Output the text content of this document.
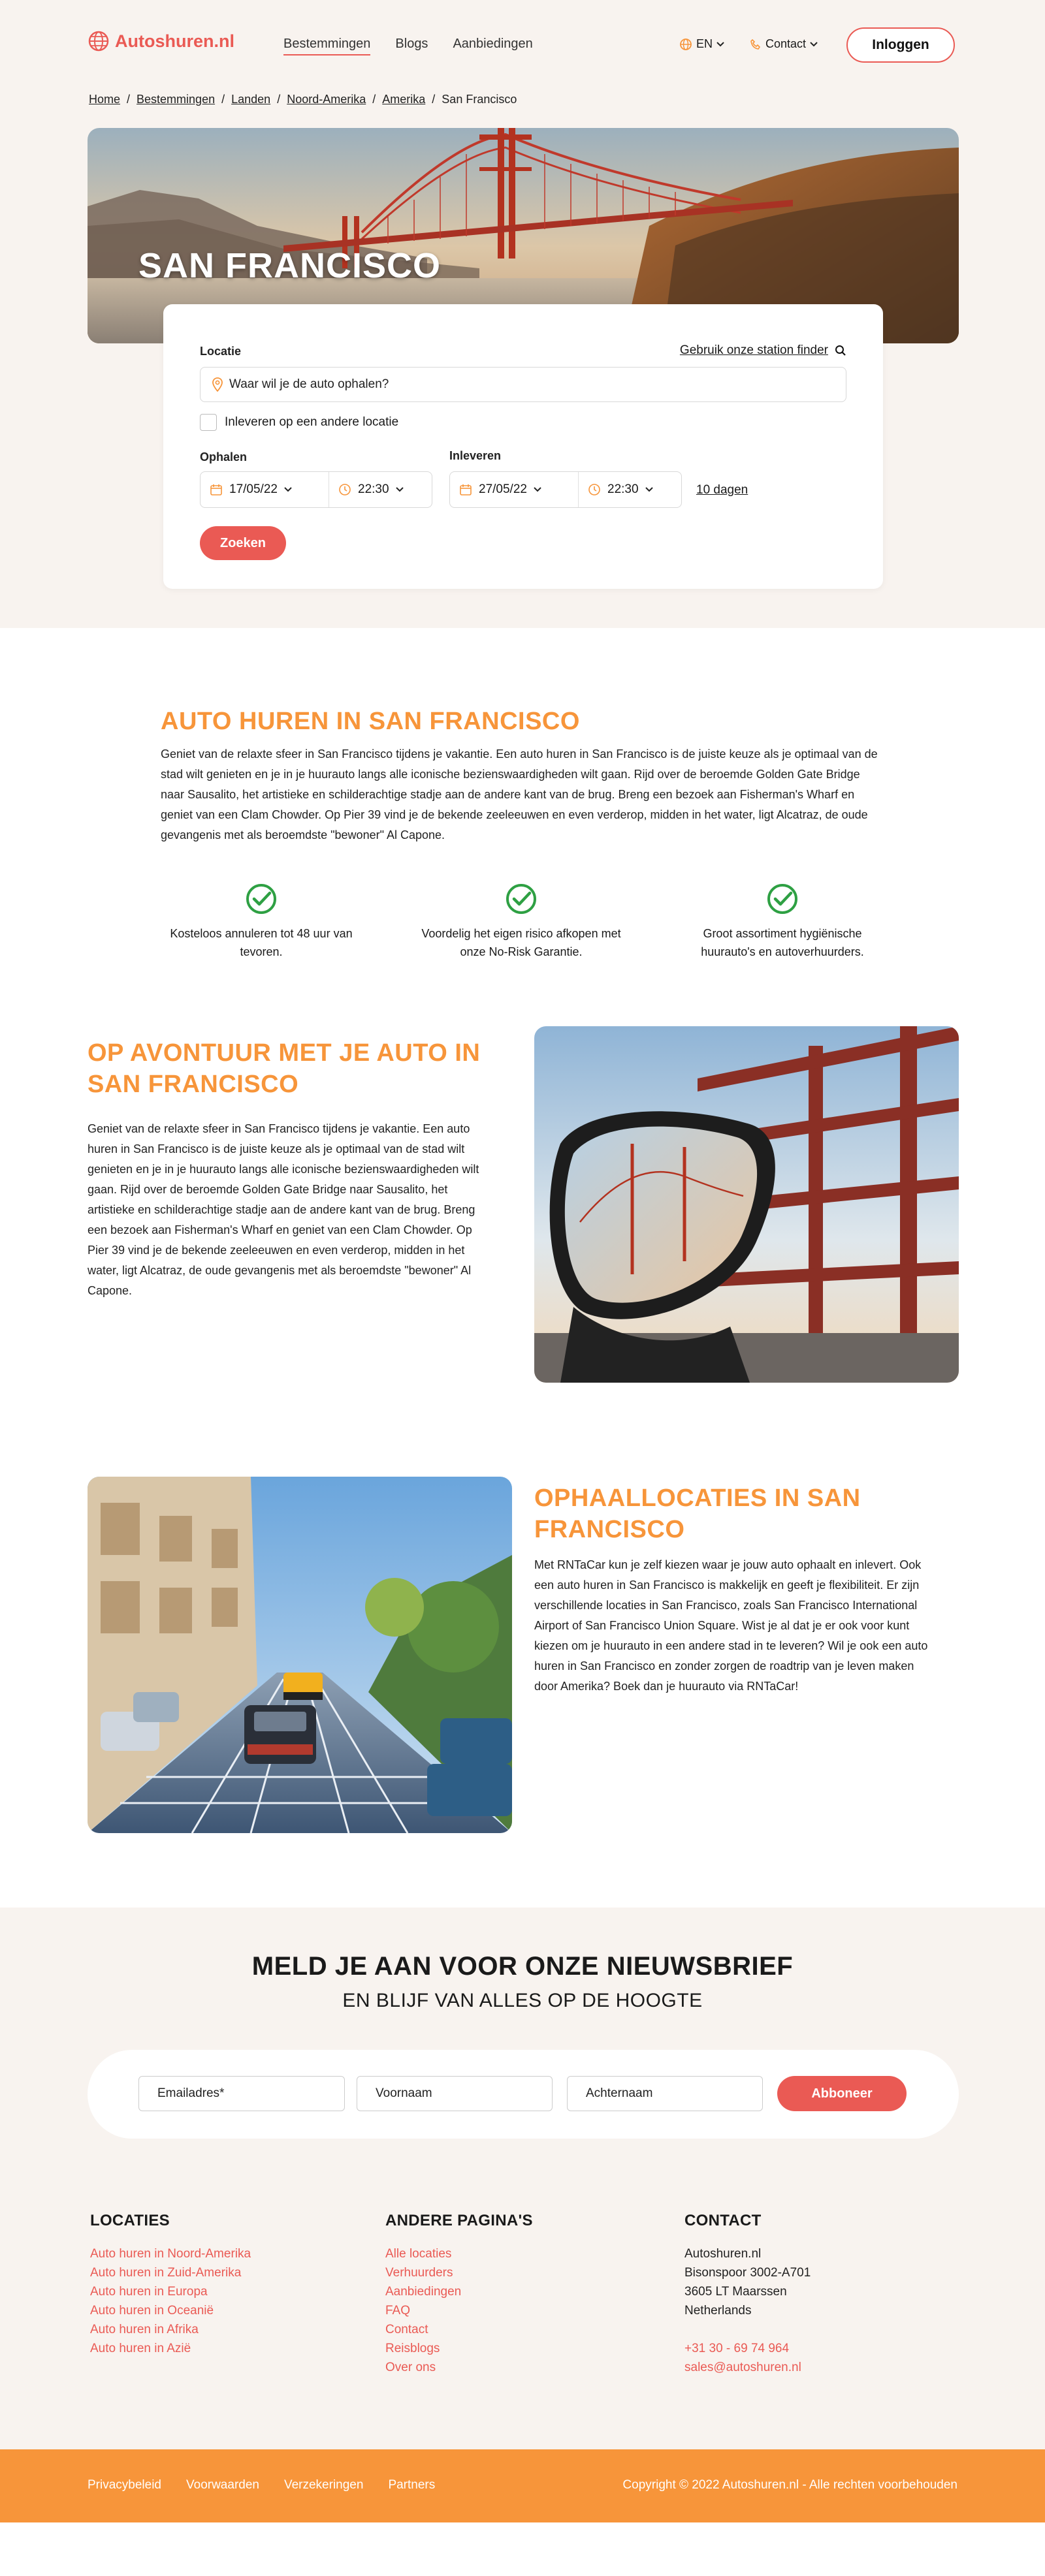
Autoshuren.nl	Bestemmingen Blogs Aanbiedingen	EN	Contact	Inloggen
Home / Bestemmingen / Landen / Noord-Amerika / Amerika / San Francisco
SAN FRANCISCO
Locatie	Gebruik onze station finder
Waar wil je de auto ophalen?
Inleveren op een andere locatie
Ophalen
17/05/22	22:30
Inleveren
27/05/22	22:30	10 dagen
Zoeken
AUTO HUREN IN SAN FRANCISCO

Geniet van de relaxte sfeer in San Francisco tijdens je vakantie. Een auto huren in San Francisco is de juiste keuze als je optimaal van de stad wilt genieten en je in je huurauto langs alle iconische bezienswaardigheden wilt gaan. Rijd over de beroemde Golden Gate Bridge naar Sausalito, het artistieke en schilderachtige stadje aan de andere kant van de brug. Breng een bezoek aan Fisherman's Wharf en geniet van een Clam Chowder. Op Pier 39 vind je de bekende zeeleeuwen en even verderop, midden in het water, ligt Alcatraz, de oude gevangenis met als beroemdste "bewoner" Al Capone.

Kosteloos annuleren tot 48 uur van tevoren.
Voordelig het eigen risico afkopen met onze No-Risk Garantie.
Groot assortiment hygiënische huurauto's en autoverhuurders.
OP AVONTUUR MET JE AUTO IN SAN FRANCISCO

Geniet van de relaxte sfeer in San Francisco tijdens je vakantie. Een auto huren in San Francisco is de juiste keuze als je optimaal van de stad wilt genieten en je in je huurauto langs alle iconische bezienswaardigheden wilt gaan. Rijd over de beroemde Golden Gate Bridge naar Sausalito, het artistieke en schilderachtige stadje aan de andere kant van de brug. Breng een bezoek aan Fisherman's Wharf en geniet van een Clam Chowder. Op Pier 39 vind je de bekende zeeleeuwen en even verderop, midden in het water, ligt Alcatraz, de oude gevangenis met als beroemdste "bewoner" Al Capone.

OPHAALLOCATIES IN SAN FRANCISCO

Met RNTaCar kun je zelf kiezen waar je jouw auto ophaalt en inlevert. Ook een auto huren in San Francisco is makkelijk en geeft je flexibiliteit. Er zijn verschillende locaties in San Francisco, zoals San Francisco International Airport of San Francisco Union Square. Wist je al dat je er ook voor kunt kiezen om je huurauto in een andere stad in te leveren? Wil je ook een auto huren in San Francisco en zonder zorgen de roadtrip van je leven maken door Amerika? Boek dan je huurauto via RNTaCar!

MELD JE AAN VOOR ONZE NIEUWSBRIEF
EN BLIJF VAN ALLES OP DE HOOGTE
Emailadres*	Voornaam	Achternaam	Abboneer
LOCATIES
Auto huren in Noord-Amerika
Auto huren in Zuid-Amerika
Auto huren in Europa
Auto huren in Oceanië
Auto huren in Afrika
Auto huren in Azië
ANDERE PAGINA'S
Alle locaties
Verhuurders
Aanbiedingen
FAQ
Contact
Reisblogs
Over ons
CONTACT
Autoshuren.nl
Bisonspoor 3002-A701
3605 LT Maarssen
Netherlands
+31 30 - 69 74 964
sales@autoshuren.nl
Privacybeleid Voorwaarden Verzekeringen Partners	Copyright © 2022 Autoshuren.nl - Alle rechten voorbehouden
